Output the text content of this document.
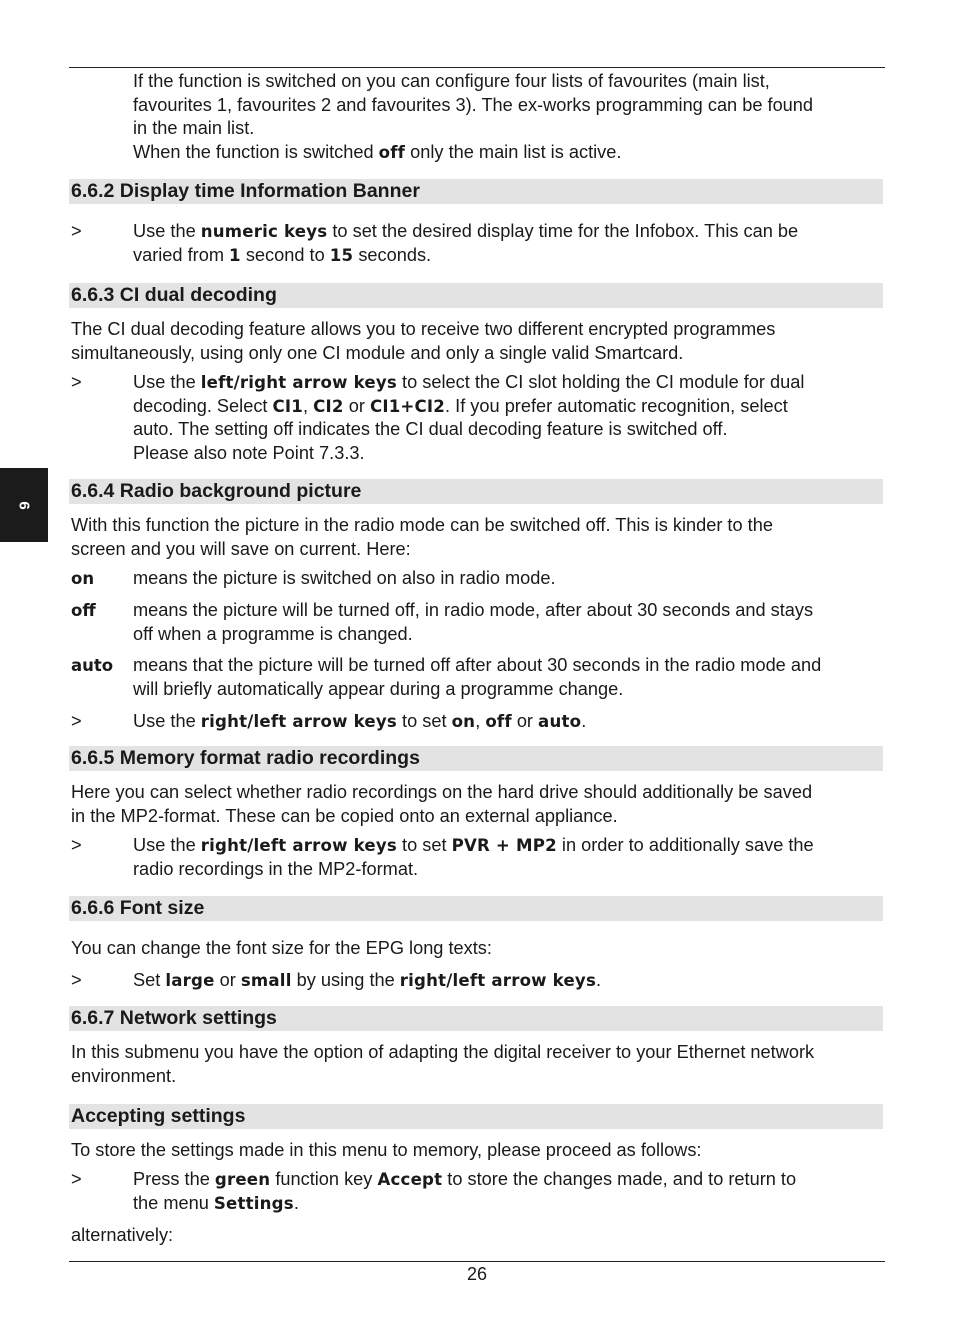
6
If the function is switched on you can configure four lists of favourites (main list,
favourites 1, favourites 2 and favourites 3). The ex-works programming can be found
in the main list.
When the function is switched off only the main list is active.
6.6.2 Display time Information Banner
>	Use the numeric keys to set the desired display time for the Infobox. This can be
varied from 1 second to 15 seconds.
6.6.3 CI dual decoding
The CI dual decoding feature allows you to receive two different encrypted programmes
simultaneously, using only one CI module and only a single valid Smartcard.
>	Use the left/right arrow keys to select the CI slot holding the CI module for dual
decoding. Select CI1, CI2 or CI1+CI2. If you prefer automatic recognition, select
auto. The setting off indicates the CI dual decoding feature is switched off.
Please also note Point 7.3.3.
6.6.4 Radio background picture
With this function the picture in the radio mode can be switched off. This is kinder to the
screen and you will save on current. Here:
on means the picture is switched on also in radio mode.
off means the picture will be turned off, in radio mode, after about 30 seconds and stays
off when a programme is changed.
auto means that the picture will be turned off after about 30 seconds in the radio mode and
will briefly automatically appear during a programme change.
>	Use the right/left arrow keys to set on, off or auto.
6.6.5 Memory format radio recordings
Here you can select whether radio recordings on the hard drive should additionally be saved
in the MP2-format. These can be copied onto an external appliance.
>	Use the right/left arrow keys to set PVR + MP2 in order to additionally save the
radio recordings in the MP2-format.
6.6.6 Font size
You can change the font size for the EPG long texts:
>	Set large or small by using the right/left arrow keys.
6.6.7 Network settings
In this submenu you have the option of adapting the digital receiver to your Ethernet network
environment.
Accepting settings
To store the settings made in this menu to memory, please proceed as follows:
>	Press the green function key Accept to store the changes made, and to return to
the menu Settings.
alternatively:
26
